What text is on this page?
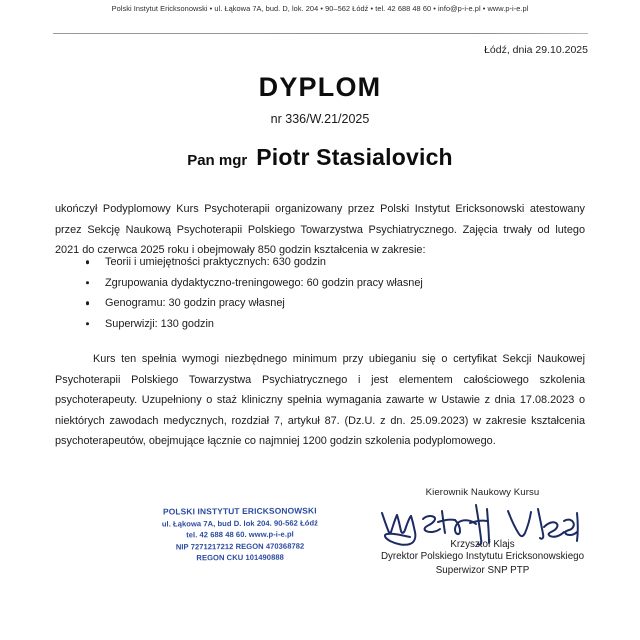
Polski Instytut Ericksonowski • ul. Łąkowa 7A, bud. D, lok. 204 • 90–562 Łódź • tel. 42 688 48 60 • info@p-i-e.pl • www.p-i-e.pl
Łódź, dnia 29.10.2025
DYPLOM
nr 336/W.21/2025
Pan mgr Piotr Stasialovich
ukończył Podyplomowy Kurs Psychoterapii organizowany przez Polski Instytut Ericksonowski atestowany przez Sekcję Naukową Psychoterapii Polskiego Towarzystwa Psychiatrycznego. Zajęcia trwały od lutego 2021 do czerwca 2025 roku i obejmowały 850 godzin kształcenia w zakresie:
Teorii i umiejętności praktycznych: 630 godzin
Zgrupowania dydaktyczno-treningowego: 60 godzin pracy własnej
Genogramu: 30 godzin pracy własnej
Superwizji: 130 godzin
Kurs ten spełnia wymogi niezbędnego minimum przy ubieganiu się o certyfikat Sekcji Naukowej Psychoterapii Polskiego Towarzystwa Psychiatrycznego i jest elementem całościowego szkolenia psychoterapeuty. Uzupełniony o staż kliniczny spełnia wymagania zawarte w Ustawie z dnia 17.08.2023 o niektórych zawodach medycznych, rozdział 7, artykuł 87. (Dz.U. z dn. 25.09.2023) w zakresie kształcenia psychoterapeutów, obejmujące łącznie co najmniej 1200 godzin szkolenia podyplomowego.
POLSKI INSTYTUT ERICKSONOWSKI
ul. Łąkowa 7A, bud D. lok 204. 90-562 Łódź
tel. 42 688 48 60. www.p-i-e.pl
NIP 7271217212 REGON 470368782
REGON CKU 101490888
Kierownik Naukowy Kursu
Krzysztof Klajs
Dyrektor Polskiego Instytutu Ericksonowskiego
Superwizor SNP PTP
